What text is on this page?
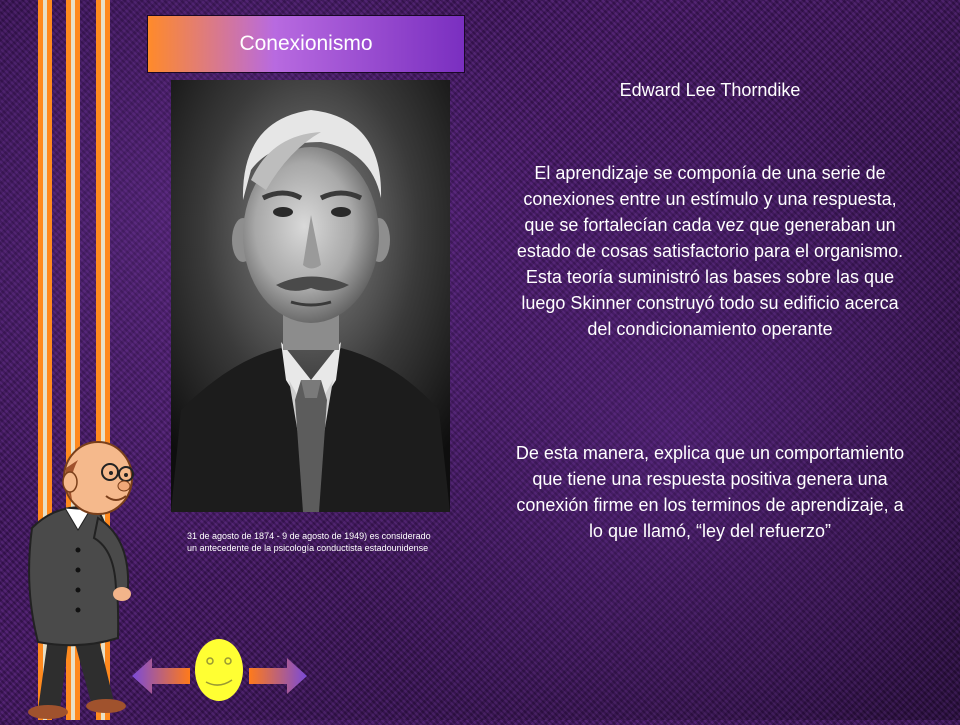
Conexionismo
31 de agosto de 1874 - 9 de agosto de 1949) es considerado un antecedente de la psicología conductista estadounidense
Edward Lee Thorndike
El aprendizaje se componía de una serie de conexiones entre un estímulo y una respuesta, que se fortalecían cada vez que generaban un estado de cosas satisfactorio para el organismo. Esta teoría suministró las bases sobre las que luego Skinner construyó todo su edificio acerca del condicionamiento operante
De esta manera, explica que un comportamiento que tiene una respuesta positiva genera una conexión firme en los terminos de aprendizaje, a lo que llamó, “ley del refuerzo”
